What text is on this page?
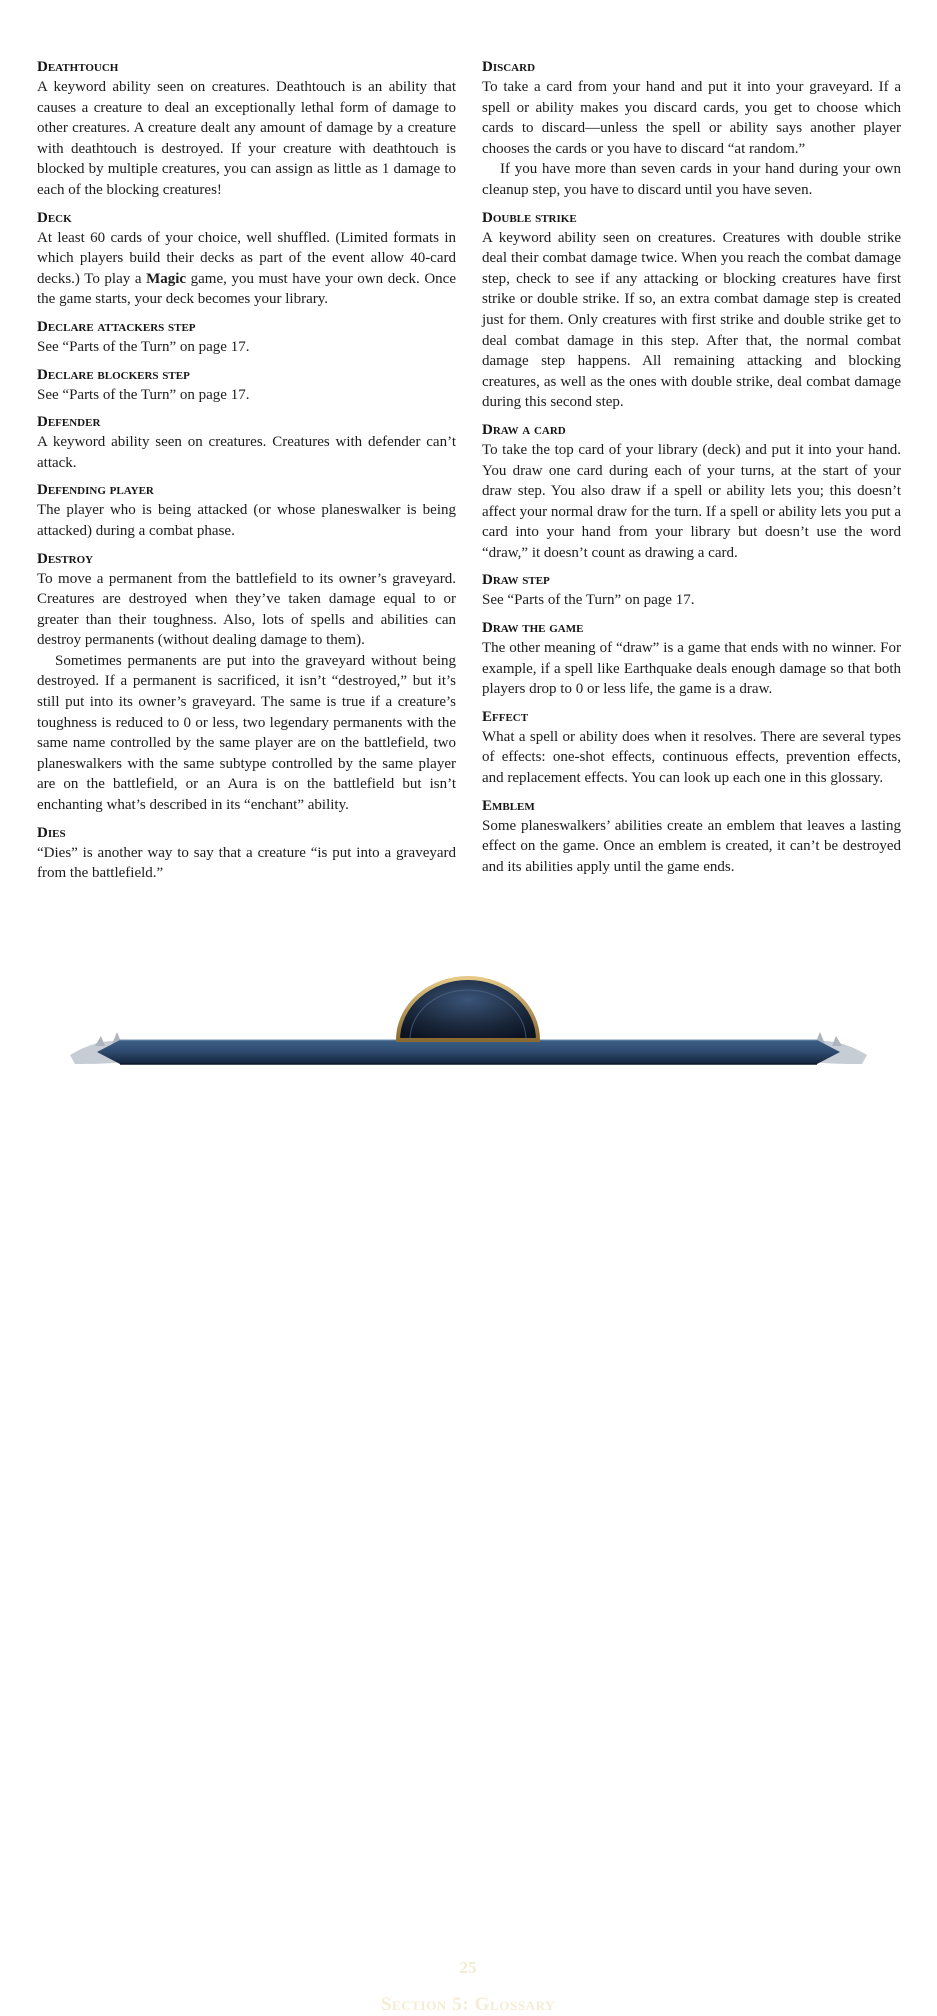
Deathtouch

A keyword ability seen on creatures. Deathtouch is an ability that causes a creature to deal an exceptionally lethal form of damage to other creatures. A creature dealt any amount of damage by a creature with deathtouch is destroyed. If your creature with deathtouch is blocked by multiple creatures, you can assign as little as 1 damage to each of the blocking creatures!

Deck

At least 60 cards of your choice, well shuffled. (Limited formats in which players build their decks as part of the event allow 40-card decks.) To play a Magic game, you must have your own deck. Once the game starts, your deck becomes your library.

Declare attackers step

See “Parts of the Turn” on page 17.

Declare blockers step

See “Parts of the Turn” on page 17.

Defender

A keyword ability seen on creatures. Creatures with defender can’t attack.

Defending player

The player who is being attacked (or whose planeswalker is being attacked) during a combat phase.

Destroy

To move a permanent from the battlefield to its owner’s graveyard. Creatures are destroyed when they’ve taken damage equal to or greater than their toughness. Also, lots of spells and abilities can destroy permanents (without dealing damage to them).

Sometimes permanents are put into the graveyard without being destroyed. If a permanent is sacrificed, it isn’t “destroyed,” but it’s still put into its owner’s graveyard. The same is true if a creature’s toughness is reduced to 0 or less, two legendary permanents with the same name controlled by the same player are on the battlefield, two planeswalkers with the same subtype controlled by the same player are on the battlefield, or an Aura is on the battlefield but isn’t enchanting what’s described in its “enchant” ability.

Dies

“Dies” is another way to say that a creature “is put into a graveyard from the battlefield.”

Discard

To take a card from your hand and put it into your graveyard. If a spell or ability makes you discard cards, you get to choose which cards to discard—unless the spell or ability says another player chooses the cards or you have to discard “at random.”

If you have more than seven cards in your hand during your own cleanup step, you have to discard until you have seven.

Double strike

A keyword ability seen on creatures. Creatures with double strike deal their combat damage twice. When you reach the combat damage step, check to see if any attacking or blocking creatures have first strike or double strike. If so, an extra combat damage step is created just for them. Only creatures with first strike and double strike get to deal combat damage in this step. After that, the normal combat damage step happens. All remaining attacking and blocking creatures, as well as the ones with double strike, deal combat damage during this second step.

Draw a card

To take the top card of your library (deck) and put it into your hand. You draw one card during each of your turns, at the start of your draw step. You also draw if a spell or ability lets you; this doesn’t affect your normal draw for the turn. If a spell or ability lets you put a card into your hand from your library but doesn’t use the word “draw,” it doesn’t count as drawing a card.

Draw step

See “Parts of the Turn” on page 17.

Draw the game

The other meaning of “draw” is a game that ends with no winner. For example, if a spell like Earthquake deals enough damage so that both players drop to 0 or less life, the game is a draw.

Effect

What a spell or ability does when it resolves. There are several types of effects: one-shot effects, continuous effects, prevention effects, and replacement effects. You can look up each one in this glossary.

Emblem

Some planeswalkers’ abilities create an emblem that leaves a lasting effect on the game. Once an emblem is created, it can’t be destroyed and its abilities apply until the game ends.

25
Section 5: Glossary
